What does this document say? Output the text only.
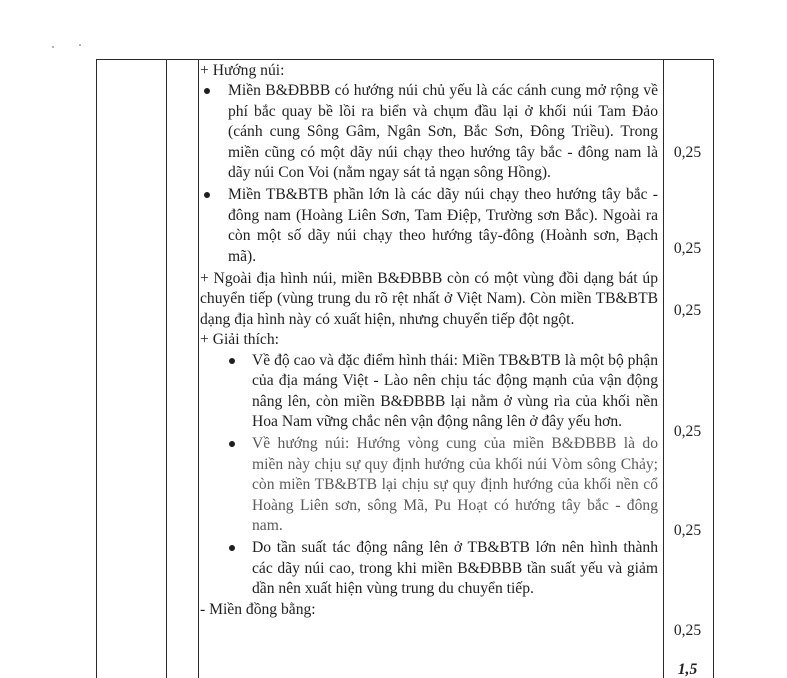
+ Hướng núi:
Miền B&ĐBBB có hướng núi chủ yếu là các cánh cung mở rộng về phí bắc quay bề lồi ra biển và chụm đầu lại ở khối núi Tam Đảo (cánh cung Sông Gâm, Ngân Sơn, Bắc Sơn, Đông Triều). Trong miền cũng có một dãy núi chạy theo hướng tây bắc - đông nam là dãy núi Con Voi (nằm ngay sát tả ngạn sông Hồng).
Miền TB&BTB phần lớn là các dãy núi chạy theo hướng tây bắc - đông nam (Hoàng Liên Sơn, Tam Điệp, Trường sơn Bắc). Ngoài ra còn một số dãy núi chạy theo hướng tây-đông (Hoành sơn, Bạch mã).
+ Ngoài địa hình núi, miền B&ĐBBB còn có một vùng đồi dạng bát úp chuyển tiếp (vùng trung du rõ rệt nhất ở Việt Nam). Còn miền TB&BTB dạng địa hình này có xuất hiện, nhưng chuyển tiếp đột ngột.
+ Giải thích:
Về độ cao và đặc điểm hình thái: Miền TB&BTB là một bộ phận của địa máng Việt - Lào nên chịu tác động mạnh của vận động nâng lên, còn miền B&ĐBBB lại nằm ở vùng rìa của khối nền Hoa Nam vững chắc nên vận động nâng lên ở đây yếu hơn.
Về hướng núi: Hướng vòng cung của miền B&ĐBBB là do miền này chịu sự quy định hướng của khối núi Vòm sông Chảy; còn miền TB&BTB lại chịu sự quy định hướng của khối nền cổ Hoàng Liên sơn, sông Mã, Pu Hoạt có hướng tây bắc - đông nam.
Do tần suất tác động nâng lên ở TB&BTB lớn nên hình thành các dãy núi cao, trong khi miền B&ĐBBB tần suất yếu và giảm dần nên xuất hiện vùng trung du chuyển tiếp.
- Miền đồng bằng:
0,25
0,25
0,25
0,25
0,25
0,25
1,5
